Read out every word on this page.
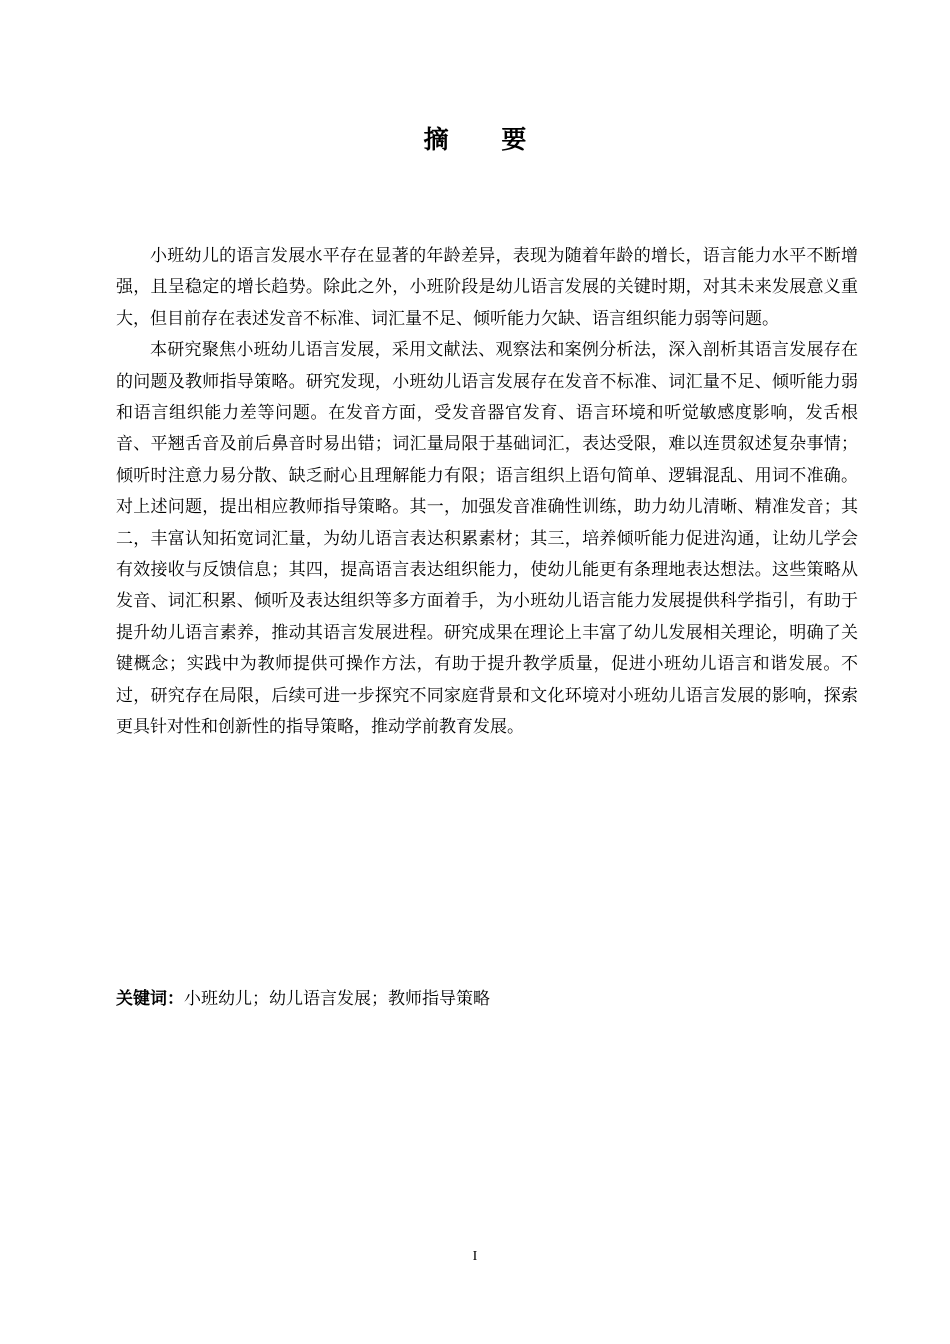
摘 要

小班幼儿的语言发展水平存在显著的年龄差异，表现为随着年龄的增长，语言能力水平不断增强，且呈稳定的增长趋势。除此之外，小班阶段是幼儿语言发展的关键时期，对其未来发展意义重大，但目前存在表述发音不标准、词汇量不足、倾听能力欠缺、语言组织能力弱等问题。

本研究聚焦小班幼儿语言发展，采用文献法、观察法和案例分析法，深入剖析其语言发展存在的问题及教师指导策略。研究发现，小班幼儿语言发展存在发音不标准、词汇量不足、倾听能力弱和语言组织能力差等问题。在发音方面，受发音器官发育、语言环境和听觉敏感度影响，发舌根音、平翘舌音及前后鼻音时易出错；词汇量局限于基础词汇，表达受限，难以连贯叙述复杂事情；倾听时注意力易分散、缺乏耐心且理解能力有限；语言组织上语句简单、逻辑混乱、用词不准确。对上述问题，提出相应教师指导策略。其一，加强发音准确性训练，助力幼儿清晰、精准发音；其二，丰富认知拓宽词汇量，为幼儿语言表达积累素材；其三，培养倾听能力促进沟通，让幼儿学会有效接收与反馈信息；其四，提高语言表达组织能力，使幼儿能更有条理地表达想法。这些策略从发音、词汇积累、倾听及表达组织等多方面着手，为小班幼儿语言能力发展提供科学指引，有助于提升幼儿语言素养，推动其语言发展进程。研究成果在理论上丰富了幼儿发展相关理论，明确了关键概念；实践中为教师提供可操作方法，有助于提升教学质量，促进小班幼儿语言和谐发展。不过，研究存在局限，后续可进一步探究不同家庭背景和文化环境对小班幼儿语言发展的影响，探索更具针对性和创新性的指导策略，推动学前教育发展。

关键词：小班幼儿；幼儿语言发展；教师指导策略
I
